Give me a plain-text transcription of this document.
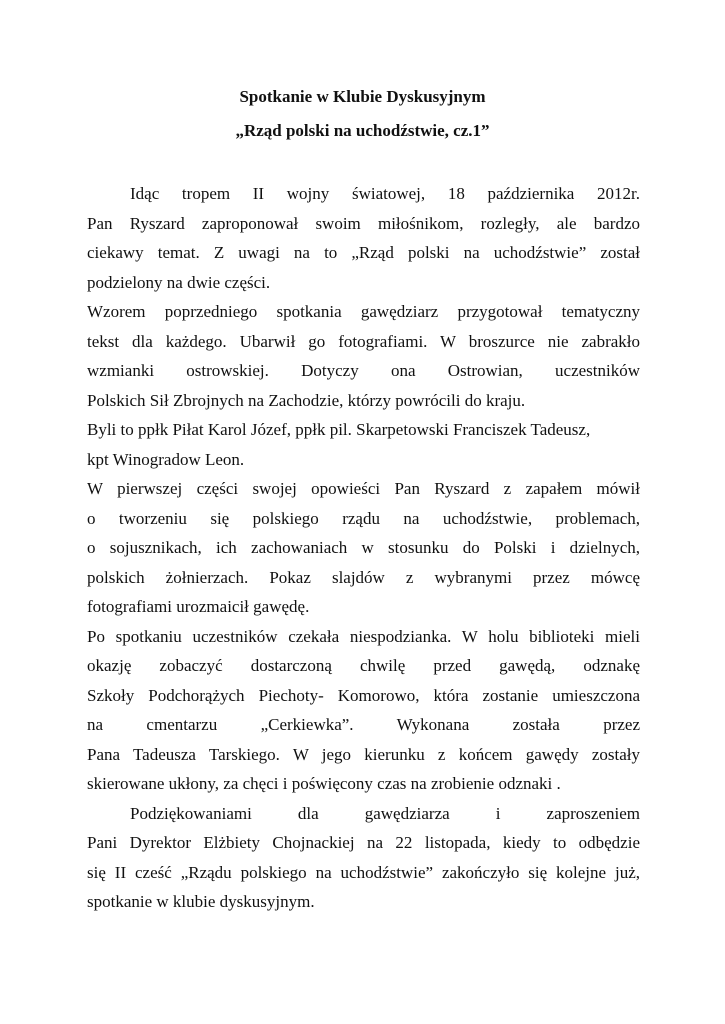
Spotkanie w Klubie Dyskusyjnym
„Rząd polski na uchodźstwie, cz.1”
Idąc tropem II wojny światowej, 18 października 2012r.
Pan Ryszard zaproponował swoim miłośnikom, rozległy, ale bardzo
ciekawy temat. Z uwagi na to „Rząd polski na uchodźstwie” został
podzielony na dwie części.
Wzorem poprzedniego spotkania gawędziarz przygotował tematyczny
tekst dla każdego. Ubarwił go fotografiami. W broszurce nie zabrakło
wzmianki ostrowskiej. Dotyczy ona Ostrowian, uczestników
Polskich Sił Zbrojnych na Zachodzie, którzy powrócili do kraju.
Byli to ppłk Piłat Karol Józef, ppłk pil. Skarpetowski Franciszek Tadeusz,
kpt Winogradow Leon.
W pierwszej części swojej opowieści Pan Ryszard z zapałem mówił
o tworzeniu się polskiego rządu na uchodźstwie, problemach,
o sojusznikach, ich zachowaniach w stosunku do Polski i dzielnych,
polskich żołnierzach. Pokaz slajdów z wybranymi przez mówcę
fotografiami urozmaicił gawędę.
Po spotkaniu uczestników czekała niespodzianka. W holu biblioteki mieli
okazję zobaczyć dostarczoną chwilę przed gawędą, odznakę
Szkoły Podchorążych Piechoty- Komorowo, która zostanie umieszczona
na cmentarzu „Cerkiewka”. Wykonana została przez
Pana Tadeusza Tarskiego. W jego kierunku z końcem gawędy zostały
skierowane ukłony, za chęci i poświęcony czas na zrobienie odznaki .
Podziękowaniami dla gawędziarza i zaproszeniem
Pani Dyrektor Elżbiety Chojnackiej na 22 listopada, kiedy to odbędzie
się II cześć „Rządu polskiego na uchodźstwie” zakończyło się kolejne już,
spotkanie w klubie dyskusyjnym.
